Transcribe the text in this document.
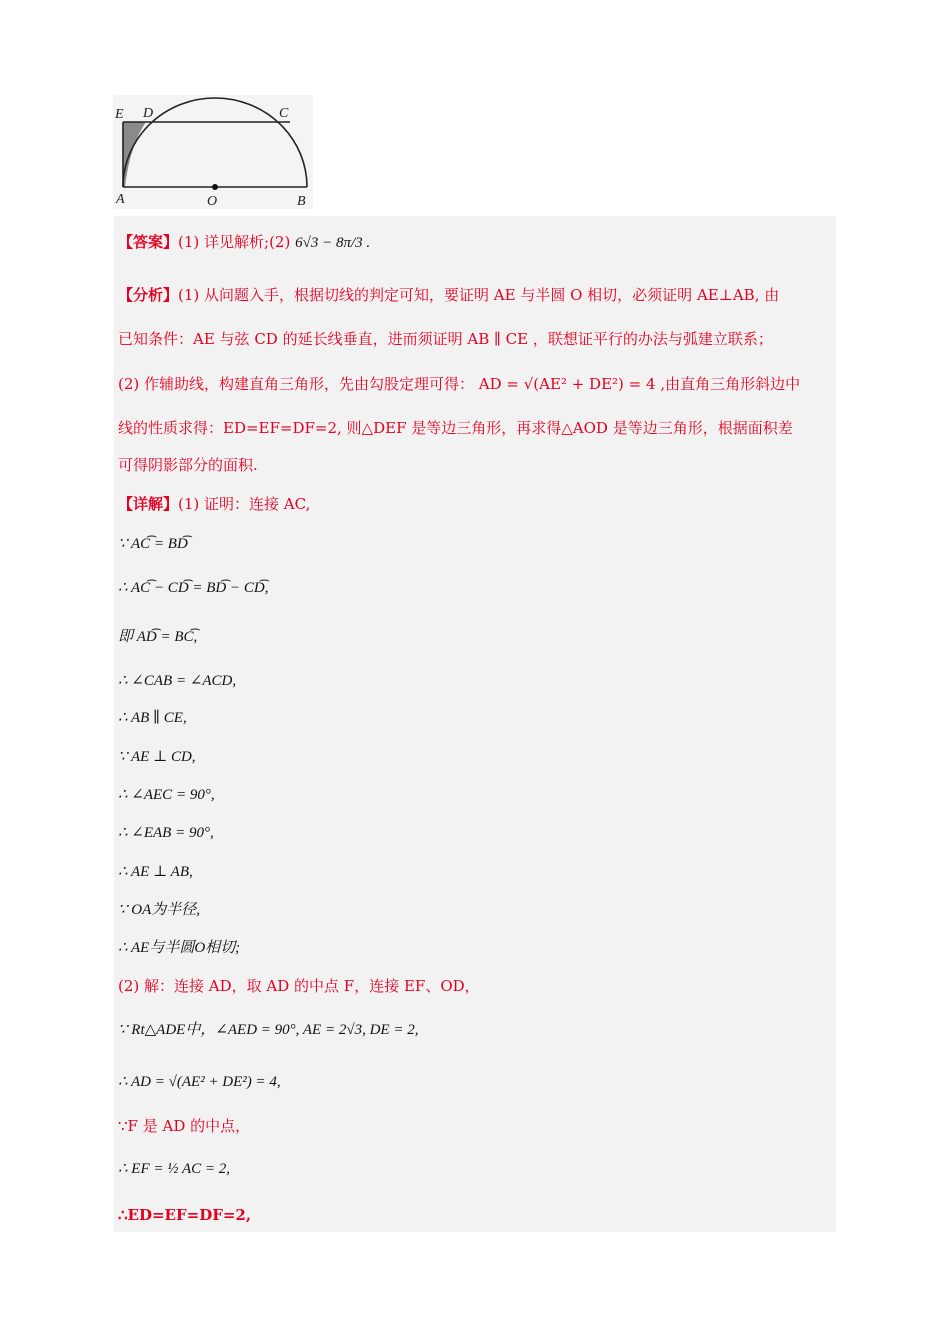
E D	C
A	O	B
【答案】(1) 详见解析;(2) 6√3 − 8π/3 .
【分析】(1) 从问题入手，根据切线的判定可知，要证明 AE 与半圆 O 相切，必须证明 AE⊥AB, 由
已知条件：AE 与弦 CD 的延长线垂直，进而须证明 AB ∥ CE ，联想证平行的办法与弧建立联系；
(2) 作辅助线，构建直角三角形，先由勾股定理可得： AD = √(AE² + DE²) = 4 ,由直角三角形斜边中
线的性质求得：ED=EF=DF=2, 则△DEF 是等边三角形，再求得△AOD 是等边三角形，根据面积差
可得阴影部分的面积.
【详解】(1) 证明：连接 AC,
∵ AC͡ = BD͡
∴ AC͡ − CD͡ = BD͡ − CD͡,
即 AD͡ = BC͡,
∴ ∠CAB = ∠ACD,
∴ AB ∥ CE,
∵ AE ⊥ CD,
∴ ∠AEC = 90°,
∴ ∠EAB = 90°,
∴ AE ⊥ AB,
∵ OA为半径,
∴ AE与半圆O相切;
(2) 解：连接 AD，取 AD 的中点 F，连接 EF、OD，
∵ Rt△ADE中，∠AED = 90°, AE = 2√3, DE = 2,
∴ AD = √(AE² + DE²) = 4,
∵F 是 AD 的中点，
∴ EF = ½ AC = 2,
∴ED=EF=DF=2,
